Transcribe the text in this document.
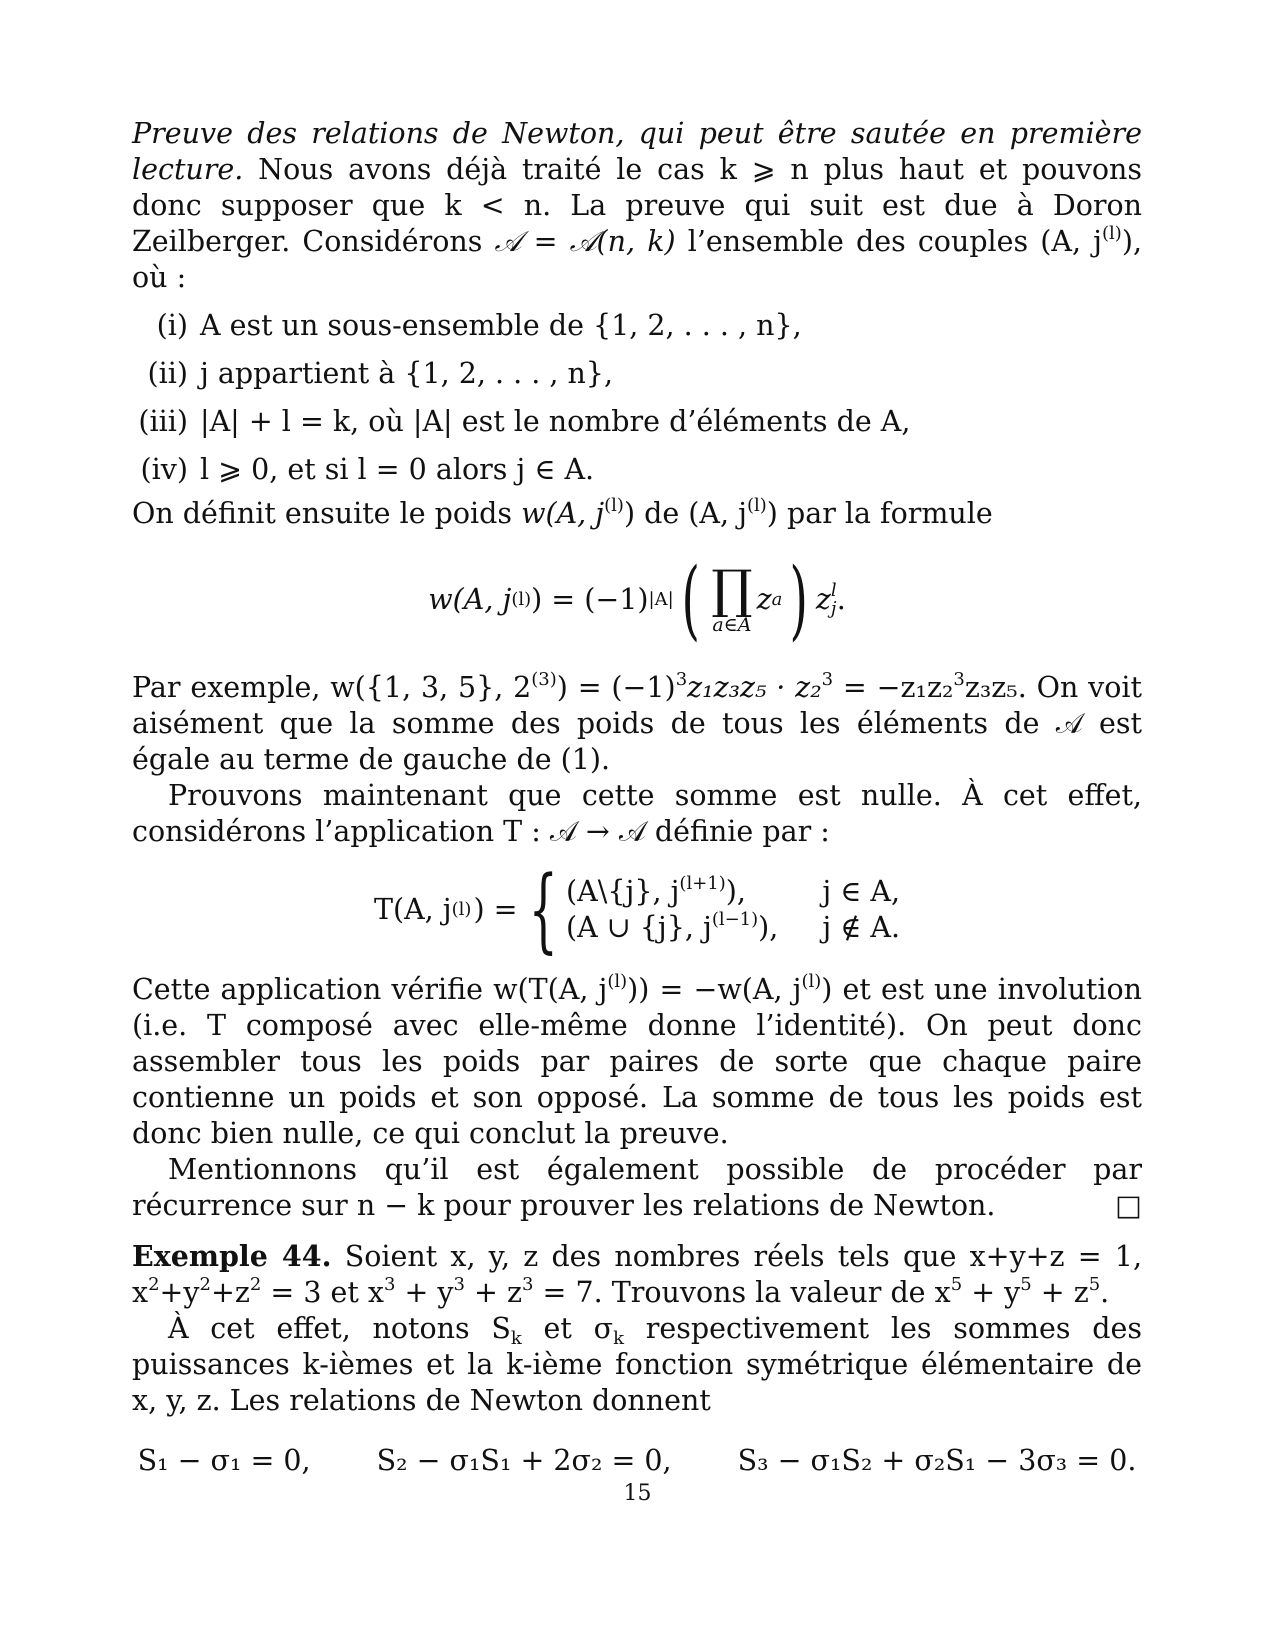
Preuve des relations de Newton, qui peut être sautée en première lecture. Nous avons déjà traité le cas k ⩾ n plus haut et pouvons donc supposer que k < n. La preuve qui suit est due à Doron Zeilberger. Considérons 𝒜 = 𝒜(n, k) l’ensemble des couples (A, $j^{(l)}$), où :

(i) A est un sous-ensemble de {1, 2, . . . , n},
(ii) j appartient à {1, 2, . . . , n},
(iii) |A| + l = k, où |A| est le nombre d’éléments de A,
(iv) l ⩾ 0, et si l = 0 alors j ∈ A.

On définit ensuite le poids w(A, $j^{(l)}$) de (A, $j^{(l)}$) par la formule

w(A, j (l) ) = (−1) |A| ( ∏
a∈A
z a ) z l
j .

Par exemple, w({1, 3, 5}, $2^{(3)}) = (-1)^3z_1z_3z_5 \cdot z_2^3 = -z_1z_2^3z_3z_5$. On voit aisément que la somme des poids de tous les éléments de 𝒜 est égale au terme de gauche de (1).

Prouvons maintenant que cette somme est nulle. À cet effet, considérons l’application T : 𝒜 → 𝒜 définie par :

T(A, j (l) ) = { (A\{j}, $j^{(l+1)}$),	j ∈ A,
(A ∪ {j}, $j^{(l-1)}$), j ∉ A.

Cette application vérifie w(T(A, $j^{(l)})) = -w(A$, $j^{(l)}$) et est une involution (i.e. T composé avec elle-même donne l’identité). On peut donc assembler tous les poids par paires de sorte que chaque paire contienne un poids et son opposé. La somme de tous les poids est donc bien nulle, ce qui conclut la preuve.

Mentionnons qu’il est également possible de procéder par récurrence sur n − k pour prouver les relations de Newton.	□

Exemple 44. Soient x, y, z des nombres réels tels que x+y+z = 1, $x^2+y^2+z^2 = 3$ et $x^3 + y^3 + z^3 = 7$. Trouvons la valeur de $x^5 + y^5 + z^5$.

À cet effet, notons $S_k$ et $\sigma_k$ respectivement les sommes des puissances k-ièmes et la k-ième fonction symétrique élémentaire de x, y, z. Les relations de Newton donnent

S₁ − σ₁ = 0, S₂ − σ₁S₁ + 2σ₂ = 0, S₃ − σ₁S₂ + σ₂S₁ − 3σ₃ = 0.
15
